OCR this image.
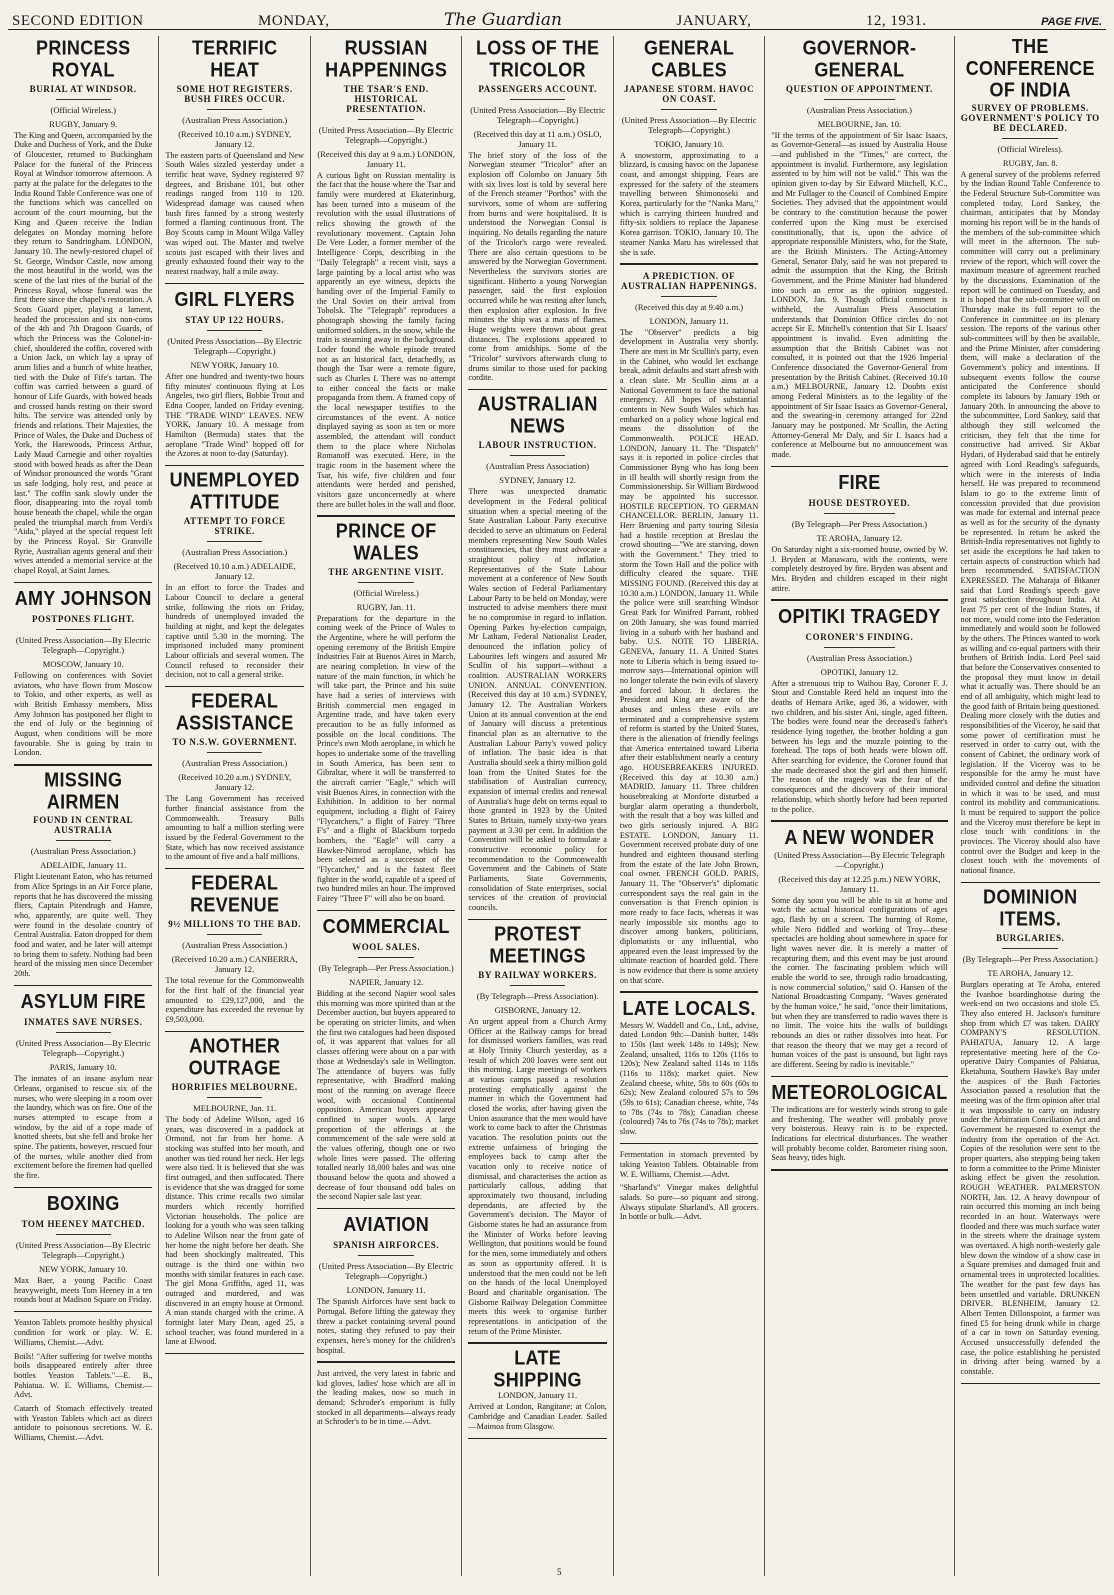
SECOND EDITION	MONDAY,	The Guardian	JANUARY,	12, 1931.	PAGE FIVE.
PRINCESS ROYAL
BURIAL AT WINDSOR.
(Official Wireless.)
RUGBY, January 9.

The King and Queen, accompanied by the Duke and Duchess of York, and the Duke of Gloucester, returned to Buckingham Palace for the funeral of the Princess Royal at Windsor tomorrow afternoon. A party at the palace for the delegates to the India Round Table Conference was one of the functions which was cancelled on account of the court mourning, but the King and Queen receive the Indian delegates on Monday morning before they return to Sandringham. LONDON, January 10. The newly-restored chapel of St. George, Windsor Castle, now among the most beautiful in the world, was the scene of the last rites of the burial of the Princess Royal, whose funeral was the first there since the chapel's restoration. A Scots Guard piper, playing a lament, headed the procession and six non-coms of the 4th and 7th Dragoon Guards, of which the Princess was the Colonel-in-chief, shouldered the coffin, covered with a Union Jack, on which lay a spray of arum lilies and a bunch of white heather, tied with the Duke of Fife's tartan. The coffin was carried between a guard of honour of Life Guards, with bowed heads and crossed hands resting on their sword hilts. The service was attended only by friends and relations. Their Majesties, the Prince of Wales, the Duke and Duchess of York, the Harewoods, Princess Arthur, Lady Maud Carnegie and other royalties stood with bowed heads as after the Dean of Windsor pronounced the words "Grant us safe lodging, holy rest, and peace at last." The coffin sank slowly under the floor, disappearing into the royal tomb house beneath the chapel, while the organ pealed the triumphal march from Verdi's "Aida," played at the special request left by the Princess Royal. Sir Granville Ryrie, Australian agents general and their wives attended a memorial service at the chapel Royal, at Saint James.

AMY JOHNSON
POSTPONES FLIGHT.
(United Press Association—By Electric Telegraph—Copyright.)
MOSCOW, January 10.

Following on conferences with Soviet aviators, who have flown from Moscow to Tokio, and other experts, as well as with British Embassy members, Miss Amy Johnson has postponed her flight to the end of July or the beginning of August, when conditions will be more favourable. She is going by train to London.

MISSING AIRMEN
FOUND IN CENTRAL AUSTRALIA
(Australian Press Association.)
ADELAIDE, January 11.

Flight Lieutenant Eaton, who has returned from Alice Springs in an Air Force plane, reports that he has discovered the missing fliers, Captain Pitendrugh and Hamre, who, apparently, are quite well. They were found in the desolate country of Central Australia. Eaton dropped for them food and water, and he later will attempt to bring them to safety. Nothing had been heard of the missing men since December 20th.

ASYLUM FIRE
INMATES SAVE NURSES.
(United Press Association—By Electric Telegraph—Copyright.)
PARIS, January 10.

The inmates of an insane asylum near Orleans, organised to rescue six of the nurses, who were sleeping in a room over the laundry, which was on fire. One of the nurses attempted to escape from a window, by the aid of a rope made of knotted sheets, but she fell and broke her spine. The patients, however, rescued four of the nurses, while another died from excitement before the firemen had quelled the fire.

BOXING
TOM HEENEY MATCHED.
(United Press Association—By Electric Telegraph—Copyright.)
NEW YORK, January 10.

Max Baer, a young Pacific Coast heavyweight, meets Tom Heeney in a ten rounds bout at Madison Square on Friday.

Yeaston Tablets promote healthy physical condition for work or play. W. E. Williams, Chemist.—Advt.

Boils! "After suffering for twelve months boils disappeared entirely after three bottles Yeaston Tablets."—E. B., Pahiatua. W. E. Williams, Chemist.—Advt.

Catarrh of Stomach effectively treated with Yeaston Tablets which act as direct antidote to poisonous secretions. W. E. Williams, Chemist.—Advt.

TERRIFIC HEAT
SOME HOT REGISTERS. BUSH FIRES OCCUR.
(Australian Press Association.)
(Received 10.10 a.m.) SYDNEY, January 12.

The eastern parts of Queensland and New South Wales sizzled yesterday under a terrific heat wave, Sydney registered 97 degrees, and Brisbane 101, but other readings ranged from 110 to 120. Widespread damage was caused when bush fires fanned by a strong westerly formed a flaming continuous front. The Boy Scouts camp in Mount Wilga Valley was wiped out. The Master and twelve scouts just escaped with their lives and greatly exhausted found their way to the nearest roadway, half a mile away.

GIRL FLYERS
STAY UP 122 HOURS.
(United Press Association—By Electric Telegraph—Copyright.)
NEW YORK, January 10.

After one hundred and twenty-two hours fifty minutes' continuous flying at Los Angeles, two girl fliers, Bobbie Trout and Edna Cooper, landed on Friday evening. THE "TRADE WIND" LEAVES. NEW YORK, January 10. A message from Hamilton (Bermuda) states that the aeroplane "Trade Wind" hopped off for the Azores at noon to-day (Saturday).

UNEMPLOYED ATTITUDE
ATTEMPT TO FORCE STRIKE.
(Australian Press Association.)
(Received 10.10 a.m.) ADELAIDE, January 12.

In an effort to force the Trades and Labour Council to declare a general strike, following the riots on Friday, hundreds of unemployed invaded the building at night, and kept the delegates captive until 5.30 in the morning. The imprisoned included many prominent Labour officials and several women. The Council refused to reconsider their decision, not to call a general strike.

FEDERAL ASSISTANCE
TO N.S.W. GOVERNMENT.
(Australian Press Association.)
(Received 10.20 a.m.) SYDNEY, January 12.

The Lang Government has received further financial assistance from the Commonwealth. Treasury Bills amounting to half a million sterling were issued by the Federal Government to the State, which has now received assistance to the amount of five and a half millions.

FEDERAL REVENUE
9½ MILLIONS TO THE BAD.
(Australian Press Association.)
(Received 10.20 a.m.) CANBERRA, January 12.

The total revenue for the Commonwealth for the first half of the financial year amounted to £29,127,000, and the expenditure has exceeded the revenue by £9,503,000.

ANOTHER OUTRAGE
HORRIFIES MELBOURNE.
MELBOURNE, Jan. 11.

The body of Adeline Wilson, aged 16 years, was discovered in a paddock at Ormond, not far from her home. A stocking was stuffed into her mouth, and another was tied round her neck. Her legs were also tied. It is believed that she was first outraged, and then suffocated. There is evidence that she was dragged for some distance. This crime recalls two similar murders which recently horrified Victorian households. The police are looking for a youth who was seen talking to Adeline Wilson near the front gate of her home the night before her death. She had been shockingly maltreated. This outrage is the third one within two months with similar features in each case. The girl Mona Griffiths, aged 11, was outraged and murdered, and was discovered in an empty house at Ormond. A man stands charged with the crime. A fortnight later Mary Dean, aged 25, a school teacher, was found murdered in a lane at Elwood.

RUSSIAN HAPPENINGS
THE TSAR'S END. HISTORICAL PRESENTATION.
(United Press Association—By Electric Telegraph—Copyright.)
(Received this day at 9 a.m.) LONDON, January 11.

A curious light on Russian mentality is the fact that the house where the Tsar and family were murdered at Ekaterinburg, has been turned into a museum of the revolution with the usual illustrations of relics showing the growth of the revolutionary movement. Captain John De Vere Loder, a former member of the Intelligence Corps, describing in the "Daily Telegraph" a recent visit, says a large painting by a local artist who was apparently an eye witness, depicts the handing over of the Imperial Family to the Ural Soviet on their arrival from Tobolsk. The "Telegraph" reproduces a photograph showing the family facing uniformed soldiers, in the snow, while the train is steaming away in the background. Loder found the whole episode treated not as an historical fact, detachedly, as though the Tsar were a remote figure, such as Charles I. There was no attempt to either conceal the facts or make propaganda from them. A framed copy of the local newspaper testifies to the circumstances of the event. A notice displayed saying as soon as ten or more assembled, the attendant will conduct them to the place where Nicholas Romanoff was executed. Here, in the tragic room in the basement where the Tsar, his wife, five children and four attendants were herded and perished, visitors gaze unconcernedly at where there are bullet holes in the wall and floor.

PRINCE OF WALES
THE ARGENTINE VISIT.
(Official Wireless.)
RUGBY, Jan. 11.

Preparations for the departure in the coming week of the Prince of Wales to the Argentine, where he will perform the opening ceremony of the British Empire Industries Fair at Buenos Aires in March, are nearing completion. In view of the nature of the main function, in which he will take part, the Prince and his suite have had a series of interviews with British commercial men engaged in Argentine trade, and have taken every precaution to be as fully informed as possible on the local conditions. The Prince's own Moth aeroplane, in which he hopes to undertake some of the travelling in South America, has been sent to Gibraltar, where it will be transferred to the aircraft carrier "Eagle," which will visit Buenos Aires, in connection with the Exhibition. In addition to her normal equipment, including a flight of Fairey "Flycatchers," a flight of Fairey "Three F's" and a flight of Blackburn torpedo bombers, the "Eagle" will carry a Hawker-Nimrod aeroplane, which has been selected as a successor of the "Flycatcher," and is the fastest fleet fighter in the world, capable of a speed of two hundred miles an hour. The improved Fairey "Three F" will also be on board.

COMMERCIAL
WOOL SALES.
(By Telegraph—Per Press Association.)
NAPIER, January 12.

Bidding at the second Napier wool sales this morning was more spirited than at the December auction, but buyers appeared to be operating on stricter limits, and when the first two catalogues had been disposed of, it was apparent that values for all classes offering were about on a par with those at Wednesday's sale in Wellington. The attendance of buyers was fully representative, with Bradford making most of the running on average fleece wool, with occasional Continental opposition. American buyers appeared confined to super wools. A large proportion of the offerings at the commencement of the sale were sold at the values offering, though one or two whole lines were passed. The offering totalled nearly 18,000 bales and was nine thousand below the quota and showed a decrease of four thousand odd bales on the second Napier sale last year.

AVIATION
SPANISH AIRFORCES.
(United Press Association—By Electric Telegraph—Copyright.)
LONDON, January 11.

The Spanish Airforces have sent back to Portugal. Before lifting the gateway they threw a packet containing several pound notes, stating they refused to pay their expenses, here's money for the children's hospital.

Just arrived, the very latest in fabric and kid gloves, ladies' hose which are all in the leading makes, now so much in demand; Schroder's emporium is fully stocked in all departments—always ready at Schroder's to be in time.—Advt.

LOSS OF THE TRICOLOR
PASSENGERS ACCOUNT.
(United Press Association—By Electric Telegraph—Copyright.)
(Received this day at 11 a.m.) OSLO, January 11.

The brief story of the loss of the Norwegian steamer "Tricolor" after an explosion off Colombo on January 5th with six lives lost is told by several here of the French steamer "Porthos" with the survivors, some of whom are suffering from burns and were hospitalised. It is understood the Norwegian Consul is inquiring. No details regarding the nature of the Tricolor's cargo were revealed. There are also certain questions to be answered by the Norwegian Government. Nevertheless the survivors stories are significant. Hitherto a young Norwegian passenger, said the first explosion occurred while he was resting after lunch, then explosion after explosion. In five minutes the ship was a mass of flames. Huge weights were thrown about great distances. The explosions appeared to come from amidships. Some of the "Tricolor" survivors afterwards clung to drums similar to those used for packing cordite.

AUSTRALIAN NEWS
LABOUR INSTRUCTION.
(Australian Press Association)
SYDNEY, January 12.

There was unexpected dramatic development in the Federal political situation when a special meeting of the State Australian Labour Party executive decided to serve an ultimatum on Federal members representing New South Wales constituencies, that they must advocate a straightout policy of inflation. Representatives of the State Labour movement at a conference of New South Wales section of Federal Parliamentary Labour Party to be held on Monday, were instructed to advise members there must be no compromise in regard to inflation. Opening Parkes by-election campaign, Mr Latham, Federal Nationalist Leader, denounced the inflation policy of Labourites left wingers and assured Mr Scullin of his support—without a coalition. AUSTRALIAN WORKERS UNION. ANNUAL CONVENTION. (Received this day at 10 a.m.) SYDNEY, January 12. The Australian Workers Union at its annual convention at the end of January will discuss a pretentious financial plan as an alternative to the Australian Labour Party's vowed policy of inflation. The basic idea is that Australia should seek a thirty million gold loan from the United States for the stabilisation of Australian currency, expansion of internal credits and renewal of Australia's huge debt on terms equal to those granted in 1923 by the United States to Britain, namely sixty-two years payment at 3.30 per cent. In addition the Convention will be asked to formulate a constructive economic policy for recommendation to the Commonwealth Government and the Cabinets of State Parliaments, State Governments, consolidation of State enterprises, social services of the creation of provincial councils.

PROTEST MEETINGS
BY RAILWAY WORKERS.
(By Telegraph—Press Association).
GISBORNE, January 12.

An urgent appeal from a Church Army Officer at the Railway camps for bread for dismissed workers families, was read at Holy Trinity Church yesterday, as a result of which 200 loaves were sent out this morning. Large meetings of workers at various camps passed a resolution protesting emphatically against the manner in which the Government had closed the works, after having given the Union assurance that the men would have work to come back to after the Christmas vacation. The resolution points out the extreme unfairness of bringing the employees back to camp after the vacation only to receive notice of dismissal, and characterises the action as particularly callous, adding that approximately two thousand, including dependants, are affected by the Government's decision. The Mayor of Gisborne states he had an assurance from the Minister of Works before leaving Wellington, that positions would be found for the men, some immediately and others as soon as opportunity offered. It is understood that the men could not be left on the hands of the local Unemployed Board and charitable organisation. The Gisborne Railway Delegation Committee meets this week to organise further representations in anticipation of the return of the Prime Minister.

LATE SHIPPING
LONDON, January 11.

Arrived at London, Rangitane; at Colon, Cambridge and Canadian Leader. Sailed—Maimoa from Glasgow.

GENERAL CABLES
JAPANESE STORM. HAVOC ON COAST.
(United Press Association—By Electric Telegraph—Copyright.)
TOKIO, January 10.

A snowstorm, approximating to a blizzard, is causing havoc on the Japanese coast, and amongst shipping. Fears are expressed for the safety of the steamers travelling between Shimonoseki and Korea, particularly for the "Nanka Maru," which is carrying thirteen hundred and fifty-six soldiers to replace the Japanese Korea garrison. TOKIO, January 10. The steamer Nanka Maru has wirelessed that she is safe.

A PREDICTION. OF AUSTRALIAN HAPPENINGS.
(Received this day at 9.40 a.m.)
LONDON, January 11.

The "Observer" predicts a big development in Australia very shortly. There are men in Mr Scullin's party, even in the Cabinet, who would let exchange break, admit defaults and start afresh with a clean slate. Mr Scullin aims at a National Government to face the national emergency. All hopes of substantial contents in New South Wales which has embarked on a policy whose logical end means the dissolution of the Commonwealth. POLICE HEAD. LONDON, January 11. The "Dispatch" says it is reported in police circles that Commissioner Byng who has long been in ill health will shortly resign from the Commissionership. Sir William Birdwood may be appointed his successor. HOSTILE RECEPTION. TO GERMAN CHANCELLOR. BERLIN, January 11. Herr Bruening and party touring Silesia had a hostile reception at Breslau the crowd shouting—"We are starving, down with the Government." They tried to storm the Town Hall and the police with difficulty cleared the square. THE MISSING FOUND. (Received this day at 10.30 a.m.) LONDON, January 11. While the police were still searching Windsor Great Park for Winifred Parrant, robbed on 20th January, she was found married living in a suburb with her husband and baby. U.S. NOTE TO LIBERIA. GENEVA, January 11. A United States note to Liberia which is being issued to-morrow says—International opinion will no longer tolerate the twin evils of slavery and forced labour. It declares the President and King are aware of the abuses and unless these evils are terminated and a comprehensive system of reform is started by the United States, there is the alienation of friendly feelings that America entertained toward Liberia after their establishment nearly a century ago. HOUSEBREAKERS INJURED. (Received this day at 10.30 a.m.) MADRID, January 11. Three children housebreaking at Monforte disturbed a burglar alarm operating a thunderbolt, with the result that a boy was killed and two girls seriously injured. A BIG ESTATE. LONDON, January 11. Government received probate duty of one hundred and eighteen thousand sterling from the estate of the late John Brown, coal owner. FRENCH GOLD. PARIS, January 11. The "Observer's" diplomatic correspondent says the real gain in the conversation is that French opinion is more ready to face facts, whereas it was nearly impossible six months ago to discover among bankers, politicians, diplomatists or any influential, who appeared even the least impressed by the ultimate reaction of hoarded gold. There is now evidence that there is some anxiety on that score.

LATE LOCALS.

Messrs W. Waddell and Co., Ltd., advise, dated London 9th:—Danish butter, 148s to 150s (last week 148s to 149s); New Zealand, unsalted, 116s to 120s (116s to 120s); New Zealand salted 114s to 118s (116s to 118s); market quiet. New Zealand cheese, white, 58s to 60s (60s to 62s); New Zealand coloured 57s to 59s (59s to 61s); Canadian cheese, white, 74s to 78s (74s to 78s); Canadian cheese (coloured) 74s to 76s (74s to 78s); market slow.

Fermentation in stomach prevented by taking Yeaston Tablets. Obtainable from W. E. Williams, Chemist.—Advt.

"Sharland's" Vinegar makes delightful salads. So pure—so piquant and strong. Always stipulate Sharland's. All grocers. In bottle or bulk.—Advt.

GOVERNOR-GENERAL
QUESTION OF APPOINTMENT.
(Australian Press Association.)
MELBOURNE, Jan. 10.

"If the terms of the appointment of Sir Isaac Isaacs, as Governor-General—as issued by Australia House—and published in the "Times," are correct, the appointment is invalid. Furthermore, any legislation assented to by him will not be valid." This was the opinion given to-day by Sir Edward Mitchell, K.C., and Mr Fullager to the Council of Combined Empire Societies. They advised that the appointment would be contrary to the constitution because the power conferred upon the King must be exercised constitutionally, that is, upon the advice of appropriate responsible Ministers, who, for the State, are the British Ministers. The Acting-Attorney General, Senator Daly, said he was not prepared to admit the assumption that the King, the British Government, and the Prime Minister had blundered into such an error as the opinion suggested. LONDON, Jan. 9. Though official comment is withheld, the Australian Press Association understands that Dominion Office circles do not accept Sir E. Mitchell's contention that Sir I. Isaacs' appointment is invalid. Even admitting the assumption that the British Cabinet was not consulted, it is pointed out that the 1926 Imperial Conference dissociated the Governor-General from presentation by the British Cabinet. (Received 10.10 a.m.) MELBOURNE, January 12. Doubts exist among Federal Ministers as to the legality of the appointment of Sir Isaac Isaacs as Governor-General, and the swearing-in ceremony arranged for 22nd January may be postponed. Mr Scullin, the Acting Attorney-General Mr Daly, and Sir I. Isaacs had a conference at Melbourne but no announcement was made.

FIRE
HOUSE DESTROYED.
(By Telegraph—Per Press Association.)
TE AROHA, January 12.

On Saturday night a six-roomed house, owned by W. J. Bryden at Manawaru, with the contents, were completely destroyed by fire. Bryden was absent and Mrs. Bryden and children escaped in their night attire.

OPITIKI TRAGEDY
CORONER'S FINDING.
(Australian Press Association.)
OPOTIKI, January 12.

After a strenuous trip to Waihou Bay, Coroner F. J. Stout and Constable Reed held an inquest into the deaths of Hemara Arike, aged 36, a widower, with two children, and his sister Ani, single, aged fifteen. The bodies were found near the deceased's father's residence lying together, the brother holding a gun between his legs and the muzzle pointing to the forehead. The tops of both heads were blown off. After searching for evidence, the Coroner found that she made decreased shot the girl and then himself. The reason of the tragedy was the fear of the consequences and the discovery of their immoral relationship, which shortly before had been reported to the police.

A NEW WONDER
(United Press Association—By Electric Telegraph—Copyright.)
(Received this day at 12.25 p.m.) NEW YORK, January 11.

Some day soon you will be able to sit at home and watch the actual historical configurations of ages ago, flash by on a screen. The burning of Rome, while Nero fiddled and working of Troy—these spectacles are holding about somewhere in space for light waves never die. It is merely a matter of recapturing them, and this event may be just around the corner. The fascinating problem which will enable the world to see, through radio broadcasting, is now commercial solution," said O. Hansen of the National Broadcasting Company. "Waves generated by the human voice," he said, "once their limitations, but when they are transferred to radio waves there is no limit. The voice hits the walls of buildings rebounds an dies or rather dissolves into heat. For that reason the theory that we may get a record of human voices of the past is unsound, but light rays are different. Seeing by radio is inevitable."

METEOROLOGICAL

The indications are for westerly winds strong to gale and freshening. The weather will probably prove very boisterous. Heavy rain is to be expected. Indications for electrical disturbances. The weather will probably become colder. Barometer rising soon. Seas heavy, tides high.

THE CONFERENCE OF INDIA
SURVEY OF PROBLEMS. GOVERNMENT'S POLICY TO BE DECLARED.
(Official Wireless).
RUGBY, Jan. 8.

A general survey of the problems referred by the Indian Round Table Conference to the Federal Structure Sub-Committee was completed today. Lord Sankey, the chairman, anticipates that by Monday morning his report will be in the hands of the members of the sub-committee which will meet in the afternoon. The sub-committee will carry out a preliminary review of the report, which will cover the maximum measure of agreement reached by the discussions. Examination of the report will be continued on Tuesday, and it is hoped that the sub-committee will on Thursday make its full report to the Conference in committee on its plenary session. The reports of the various other sub-committees will by then be available, and the Prime Minister, after considering them, will make a declaration of the Government's policy and intentions. If subsequent events follow the course anticipated the Conference should complete its labours by January 19th or January 20th. In announcing the above to the subcommittee, Lord Sankey, said that although they still welcomed the criticism, they felt that the time for constructive had arrived. Sir Akbar Hydari, of Hyderabad said that he entirely agreed with Lord Reading's safeguards, which were in the interests of India herself. He was prepared to recommend Islam to go to the extreme limit of concession provided that due provision was made for external and internal peace as well as for the security of the dynasty be represented. In return he asked the British-India representatives not lightly to set aside the exceptions he had taken to certain aspects of construction which had been recommended. SATISFACTION EXPRESSED. The Maharaja of Bikaner said that Lord Reading's speech gave great satisfaction throughout India. At least 75 per cent of the Indian States, if not more, would come into the Federation immediately and would soon be followed by the others. The Princes wanted to work as willing and co-equal partners with their brothers of British India. Lord Peel said that before the Conservatives consented to the proposal they must know in detail what it actually was. There should be an end of all ambiguity, which might lead to the good faith of Britain being questioned. Dealing more closely with the duties and responsibilities of the Viceroy, he said that some power of certification must be reserved in order to carry out, with the consent of Cabinet, the ordinary work of legislation. If the Viceroy was to be responsible for the army he must have undivided control and define the situation in which it was to be used, and must control its mobility and communications. It must be required to support the police and the Viceroy must therefore be kept in close touch with conditions in the provinces. The Viceroy should also have control over the Budget and keep in the closest touch with the movements of national finance.

DOMINION ITEMS.
BURGLARIES.
(By Telegraph—Per Press Association.)
TE AROHA, January 12.

Burglars operating at Te Aroha, entered the Ivanhoe boardinghouse during the week-end on two occasions and stole £5. They also entered H. Jackson's furniture shop from which £7 was taken. DAIRY COMPANY'S RESOLUTION. PAHIATUA, January 12. A large representative meeting here of the Co-operative Dairy Companies of Pahiatua, Eketahuna, Southern Hawke's Bay under the auspices of the Bush Factories Association passed a resolution that the meeting was of the firm opinion after trial it was impossible to carry on industry under the Arbitration Conciliation Act and Government be requested to exempt the industry from the operation of the Act. Copies of the resolution were sent to the proper quarters, also stepping being taken to form a committee to the Prime Minister asking effect be given the resolution. ROUGH WEATHER. PALMERSTON NORTH, Jan. 12. A heavy downpour of rain occurred this morning an inch being recorded in an hour. Waterways were flooded and there was much surface water in the streets where the drainage system was overtaxed. A high north-westerly gale blew down the window of a show case in a Square premises and damaged fruit and ornamental trees in unprotected localities. The weather for the past few days has been unsettled and variable. DRUNKEN DRIVER. BLENHEIM, January 12. Albert Tenten Dillonspoint, a farmer was fined £5 for being drunk while in charge of a car in town on Saturday evening. Accused unsuccessfully defended the case, the police establishing he persisted in driving after being warned by a constable.

5
